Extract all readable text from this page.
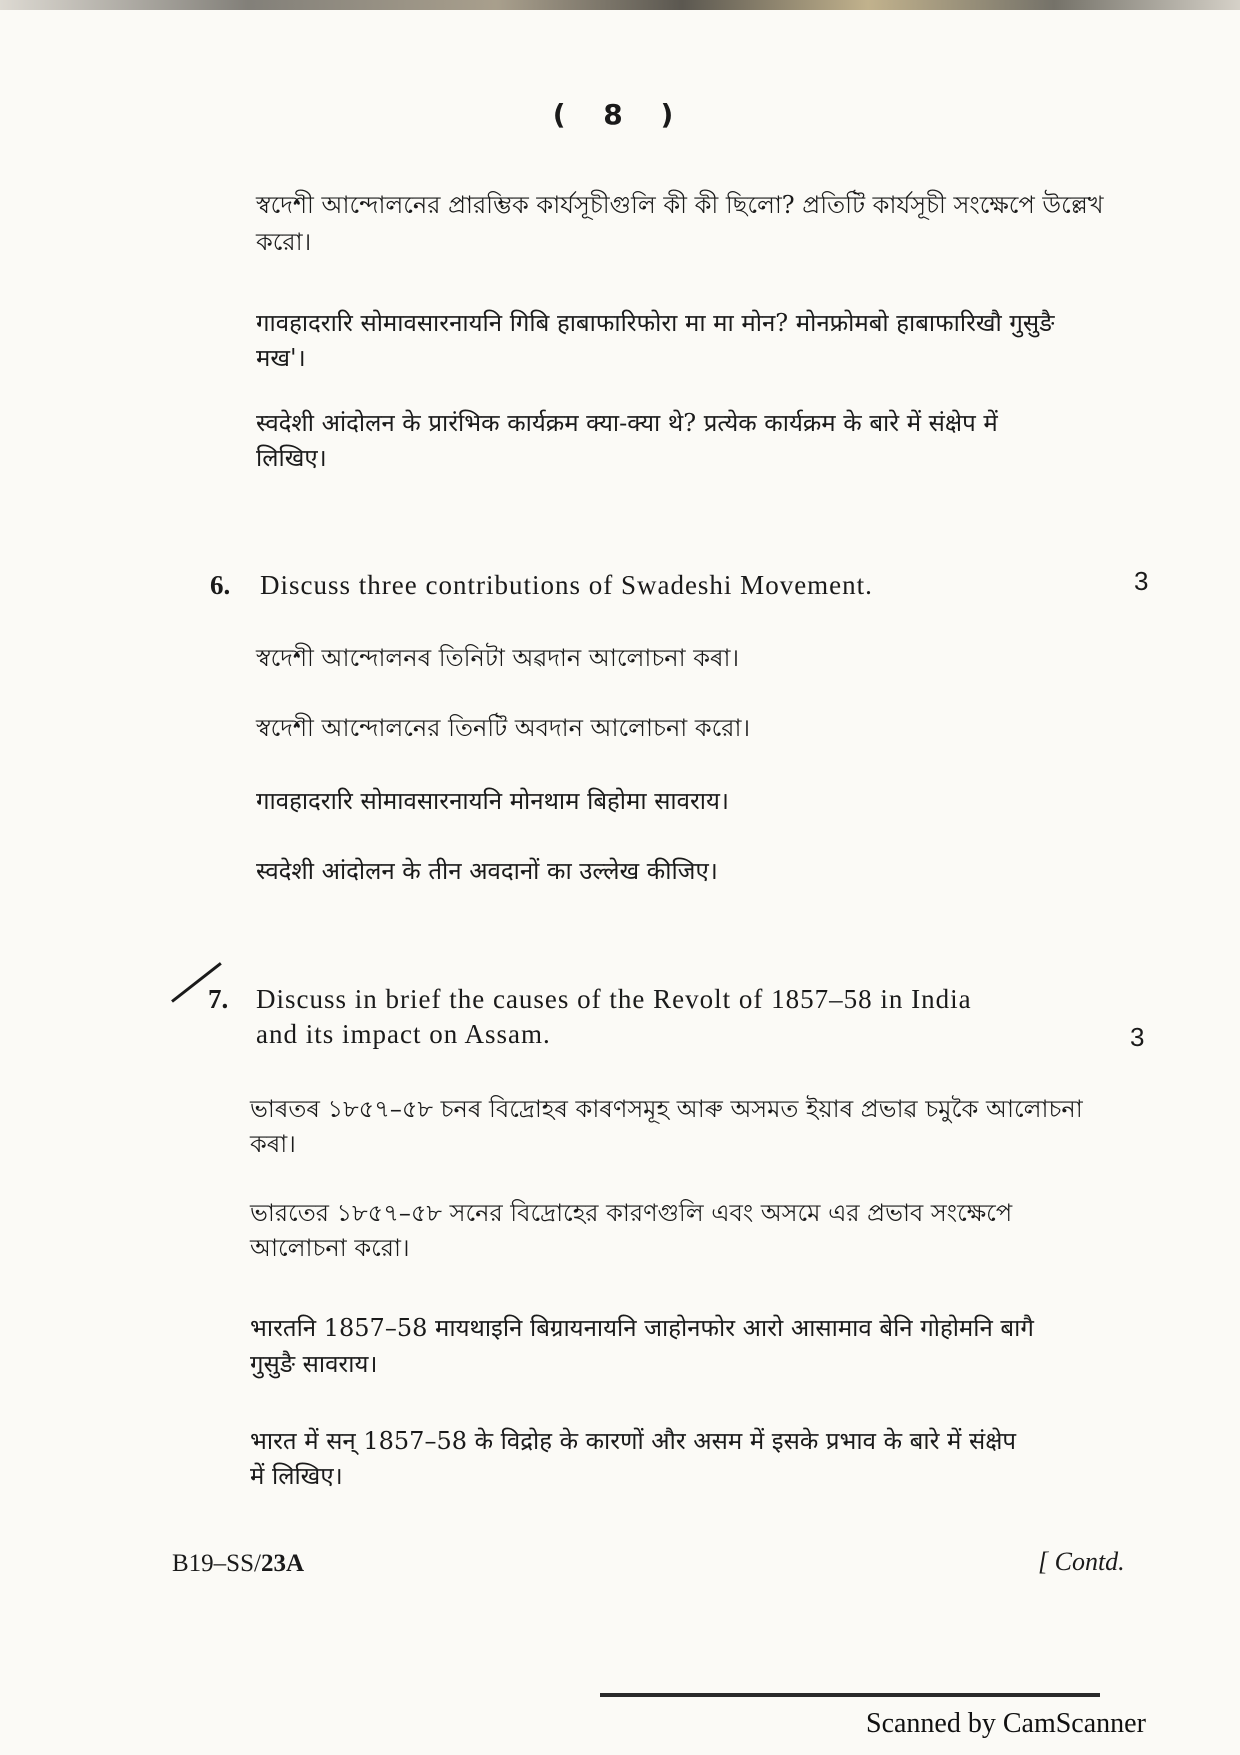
( 8 )
স্বদেশী আন্দোলনের প্রারম্ভিক কার্যসূচীগুলি কী কী ছিলো? প্রতিটি কার্যসূচী সংক্ষেপে উল্লেখ
করো।
गावहादरारि सोमावसारनायनि गिबि हाबाफारिफोरा मा मा मोन? मोनफ्रोमबो हाबाफारिखौ गुसुङै
मख'।
स्वदेशी आंदोलन के प्रारंभिक कार्यक्रम क्या-क्या थे? प्रत्येक कार्यक्रम के बारे में संक्षेप में
लिखिए।
6. Discuss three contributions of Swadeshi Movement.	3
স্বদেশী আন্দোলনৰ তিনিটা অৱদান আলোচনা কৰা।
স্বদেশী আন্দোলনের তিনটি অবদান আলোচনা করো।
गावहादरारि सोमावसारनायनि मोनथाम बिहोमा सावराय।
स्वदेशी आंदोलन के तीन अवदानों का उल्लेख कीजिए।
7. Discuss in brief the causes of the Revolt of 1857–58 in India
and its impact on Assam.	3
ভাৰতৰ ১৮৫৭–৫৮ চনৰ বিদ্ৰোহৰ কাৰণসমূহ আৰু অসমত ইয়াৰ প্ৰভাৱ চমুকৈ আলোচনা
কৰা।
ভারতের ১৮৫৭–৫৮ সনের বিদ্রোহের কারণগুলি এবং অসমে এর প্রভাব সংক্ষেপে
আলোচনা করো।
भारतनि 1857–58 मायथाइनि बिग्रायनायनि जाहोनफोर आरो आसामाव बेनि गोहोमनि बागै
गुसुङै सावराय।
भारत में सन् 1857–58 के विद्रोह के कारणों और असम में इसके प्रभाव के बारे में संक्षेप
में लिखिए।
B19–SS/23A	[ Contd.
Scanned by CamScanner
